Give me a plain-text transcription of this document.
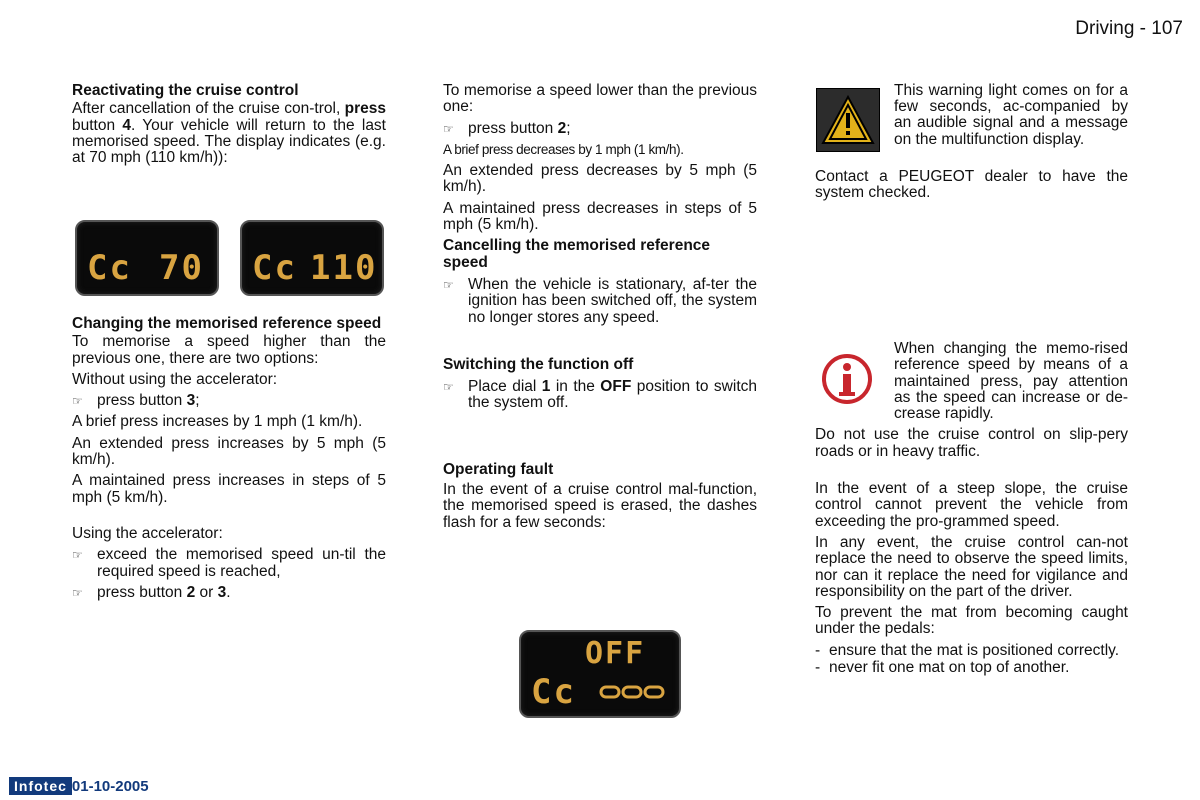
Driving - 107
Reactivating the cruise control

After cancellation of the cruise con-trol, press button 4. Your vehicle will return to the last memorised speed. The display indicates (e.g. at 70 mph (110 km/h)):

Cc 70 Cc 110
Changing the memorised reference speed

To memorise a speed higher than the previous one, there are two options:

Without using the accelerator:

☞ press button 3;

A brief press increases by 1 mph (1 km/h).

An extended press increases by 5 mph (5 km/h).

A maintained press increases in steps of 5 mph (5 km/h).

Using the accelerator:

☞ exceed the memorised speed un-til the required speed is reached,
☞ press button 2 or 3.

To memorise a speed lower than the previous one:

☞ press button 2;

A brief press decreases by 1 mph (1 km/h).

An extended press decreases by 5 mph (5 km/h).

A maintained press decreases in steps of 5 mph (5 km/h).

Cancelling the memorised reference speed
☞ When the vehicle is stationary, af-ter the ignition has been switched off, the system no longer stores any speed.
Switching the function off
☞ Place dial 1 in the OFF position to switch the system off.
Operating fault

In the event of a cruise control mal-function, the memorised speed is erased, the dashes flash for a few seconds:

OFF
Cc

This warning light comes on for a few seconds, ac-companied by an audible signal and a message on the multifunction display.

Contact a PEUGEOT dealer to have the system checked.

When changing the memo-rised reference speed by means of a maintained press, pay attention as the speed can increase or de-crease rapidly.

Do not use the cruise control on slip-pery roads or in heavy traffic.

In the event of a steep slope, the cruise control cannot prevent the vehicle from exceeding the pro-grammed speed.

In any event, the cruise control can-not replace the need to observe the speed limits, nor can it replace the need for vigilance and responsibility on the part of the driver.

To prevent the mat from becoming caught under the pedals:

- ensure that the mat is positioned correctly.
- never fit one mat on top of another.
Infotec 01-10-2005
